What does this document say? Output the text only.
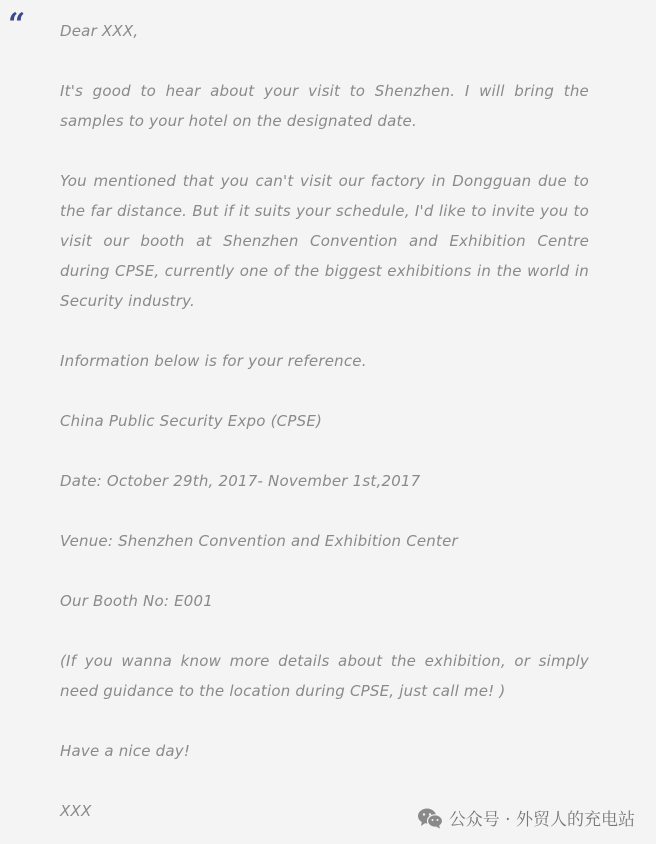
“ Dear XXX,

It's good to hear about your visit to Shenzhen. I will bring the samples to your hotel on the designated date.

You mentioned that you can't visit our factory in Dongguan due to the far distance. But if it suits your schedule, I'd like to invite you to visit our booth at Shenzhen Convention and Exhibition Centre during CPSE, currently one of the biggest exhibitions in the world in Security industry.

Information below is for your reference.

China Public Security Expo (CPSE)

Date: October 29th, 2017- November 1st,2017

Venue: Shenzhen Convention and Exhibition Center

Our Booth No: E001

(If you wanna know more details about the exhibition, or simply need guidance to the location during CPSE, just call me! )

Have a nice day!

XXX	公众号 · 外贸人的充电站
